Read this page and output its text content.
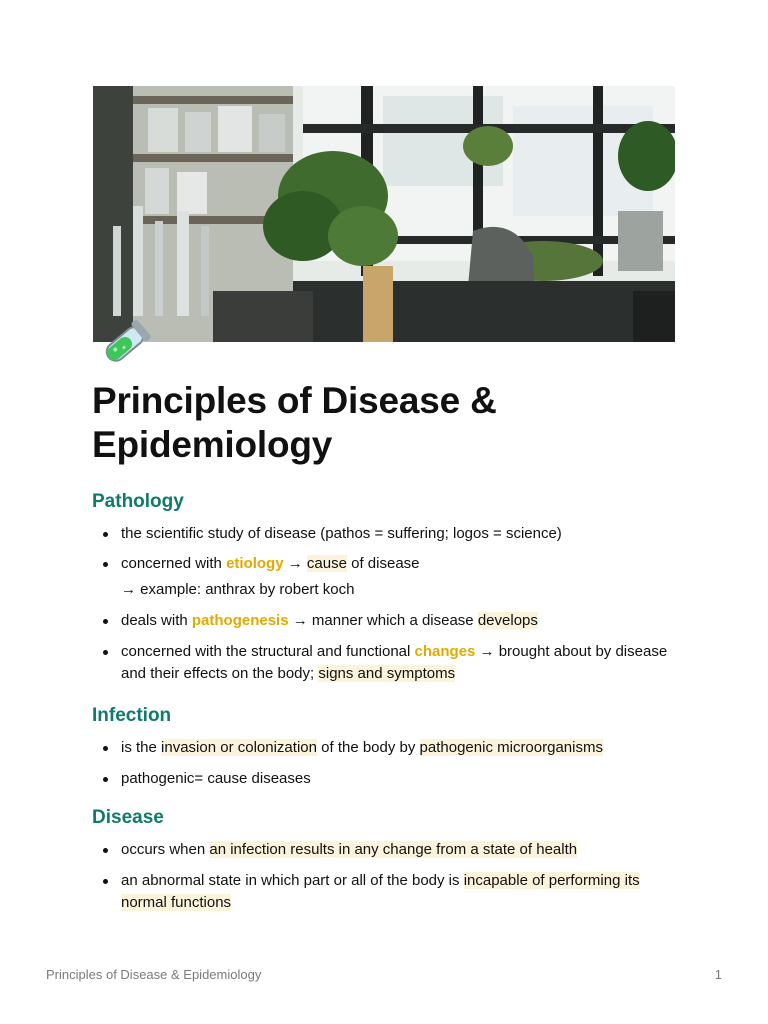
Principles of Disease & Epidemiology
Pathology
the scientific study of disease (pathos = suffering; logos = science)
concerned with etiology → cause of disease
→ example: anthrax by robert koch
deals with pathogenesis → manner which a disease develops
concerned with the structural and functional changes → brought about by disease and their effects on the body; signs and symptoms
Infection
is the invasion or colonization of the body by pathogenic microorganisms
pathogenic= cause diseases
Disease
occurs when an infection results in any change from a state of health
an abnormal state in which part or all of the body is incapable of performing its normal functions
Principles of Disease & Epidemiology	1
